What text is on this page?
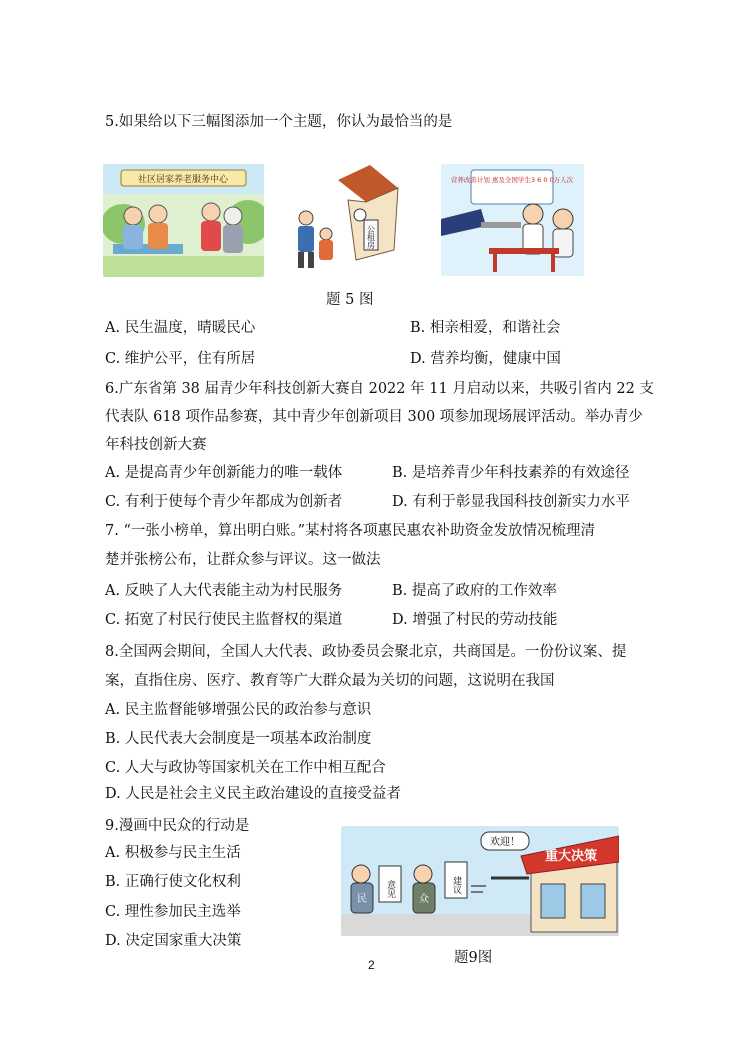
5.如果给以下三幅图添加一个主题，你认为最恰当的是
社区居家养老服务中心
公租房
营养改善计划 惠及全国学生3 6 0 0万人次
题 5 图
A. 民生温度，晴暖民心	B. 相亲相爱，和谐社会
C. 维护公平，住有所居	D. 营养均衡，健康中国
6.广东省第 38 届青少年科技创新大赛自 2022 年 11 月启动以来，共吸引省内 22 支
代表队 618 项作品参赛，其中青少年创新项目 300 项参加现场展评活动。举办青少
年科技创新大赛
A. 是提高青少年创新能力的唯一载体	B. 是培养青少年科技素养的有效途径
C. 有利于使每个青少年都成为创新者	D. 有利于彰显我国科技创新实力水平
7. “一张小榜单，算出明白账。”某村将各项惠民惠农补助资金发放情况梳理清
楚并张榜公布，让群众参与评议。这一做法
A. 反映了人大代表能主动为村民服务	B. 提高了政府的工作效率
C. 拓宽了村民行使民主监督权的渠道	D. 增强了村民的劳动技能
8.全国两会期间，全国人大代表、政协委员会聚北京，共商国是。一份份议案、提
案，直指住房、医疗、教育等广大群众最为关切的问题，这说明在我国
A. 民主监督能够增强公民的政治参与意识
B. 人民代表大会制度是一项基本政治制度
C. 人大与政协等国家机关在工作中相互配合
D. 人民是社会主义民主政治建设的直接受益者
9.漫画中民众的行动是
A. 积极参与民主生活
B. 正确行使文化权利
C. 理性参加民主选举
D. 决定国家重大决策
欢迎！
重大决策
民
意见
众
建议
题9图
2
